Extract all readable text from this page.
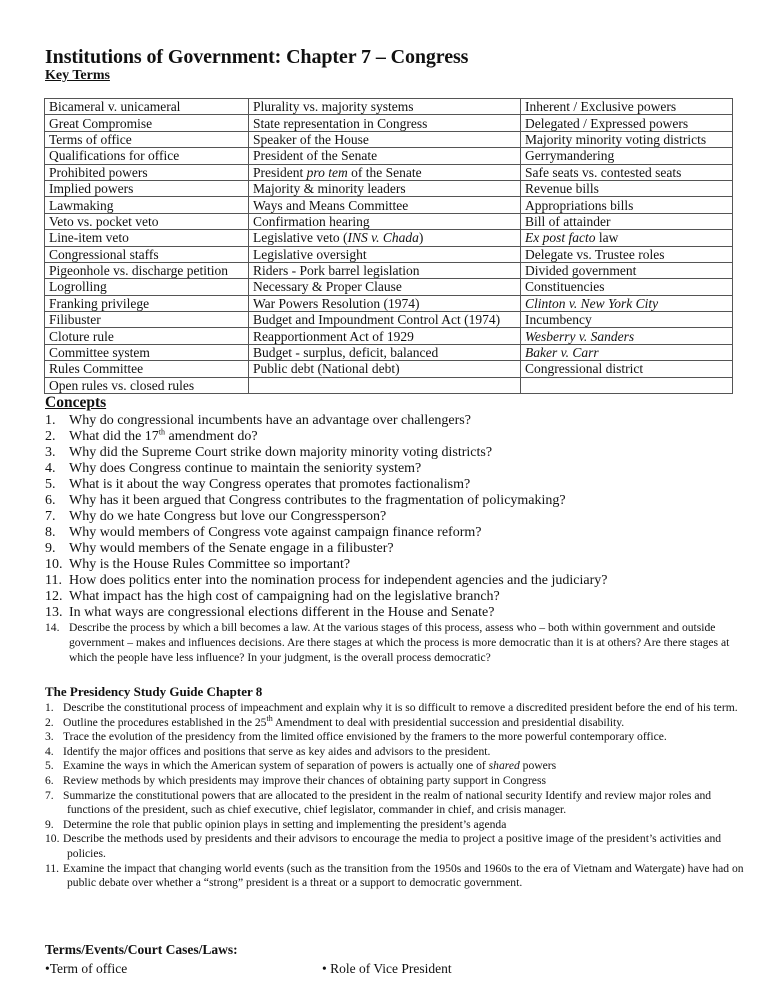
Institutions of Government: Chapter 7 – Congress
Key Terms
Bicameral v. unicameral	Plurality vs. majority systems	Inherent / Exclusive powers
Great Compromise	State representation in Congress	Delegated / Expressed powers
Terms of office	Speaker of the House	Majority minority voting districts
Qualifications for office	President of the Senate	Gerrymandering
Prohibited powers	President pro tem of the Senate	Safe seats vs. contested seats
Implied powers	Majority & minority leaders	Revenue bills
Lawmaking	Ways and Means Committee	Appropriations bills
Veto vs. pocket veto	Confirmation hearing	Bill of attainder
Line-item veto	Legislative veto (INS v. Chada)	Ex post facto law
Congressional staffs	Legislative oversight	Delegate vs. Trustee roles
Pigeonhole vs. discharge petition	Riders - Pork barrel legislation	Divided government
Logrolling	Necessary & Proper Clause	Constituencies
Franking privilege	War Powers Resolution (1974)	Clinton v. New York City
Filibuster	Budget and Impoundment Control Act (1974)	Incumbency
Cloture rule	Reapportionment Act of 1929	Wesberry v. Sanders
Committee system	Budget - surplus, deficit, balanced	Baker v. Carr
Rules Committee	Public debt (National debt)	Congressional district
Open rules vs. closed rules		
Concepts
1. Why do congressional incumbents have an advantage over challengers?
2. What did the 17th amendment do?
3. Why did the Supreme Court strike down majority minority voting districts?
4. Why does Congress continue to maintain the seniority system?
5. What is it about the way Congress operates that promotes factionalism?
6. Why has it been argued that Congress contributes to the fragmentation of policymaking?
7. Why do we hate Congress but love our Congressperson?
8. Why would members of Congress vote against campaign finance reform?
9. Why would members of the Senate engage in a filibuster?
10. Why is the House Rules Committee so important?
11. How does politics enter into the nomination process for independent agencies and the judiciary?
12. What impact has the high cost of campaigning had on the legislative branch?
13. In what ways are congressional elections different in the House and Senate?
14. Describe the process by which a bill becomes a law. At the various stages of this process, assess who – both within government and outside government – makes and influences decisions. Are there stages at which the process is more democratic than it is at others? Are there stages at which the people have less influence? In your judgment, is the overall process democratic?
The Presidency Study Guide Chapter 8
1. Describe the constitutional process of impeachment and explain why it is so difficult to remove a discredited president before the end of his term.
2. Outline the procedures established in the 25th Amendment to deal with presidential succession and presidential disability.
3. Trace the evolution of the presidency from the limited office envisioned by the framers to the more powerful contemporary office.
4. Identify the major offices and positions that serve as key aides and advisors to the president.
5. Examine the ways in which the American system of separation of powers is actually one of shared powers
6. Review methods by which presidents may improve their chances of obtaining party support in Congress
7. Summarize the constitutional powers that are allocated to the president in the realm of national security Identify and review major roles and functions of the president, such as chief executive, chief legislator, commander in chief, and crisis manager.
9. Determine the role that public opinion plays in setting and implementing the president’s agenda
10. Describe the methods used by presidents and their advisors to encourage the media to project a positive image of the president’s activities and policies.
11. Examine the impact that changing world events (such as the transition from the 1950s and 1960s to the era of Vietnam and Watergate) have had on public debate over whether a “strong” president is a threat or a support to democratic government.
Terms/Events/Court Cases/Laws:
•Term of office	• Role of Vice President
